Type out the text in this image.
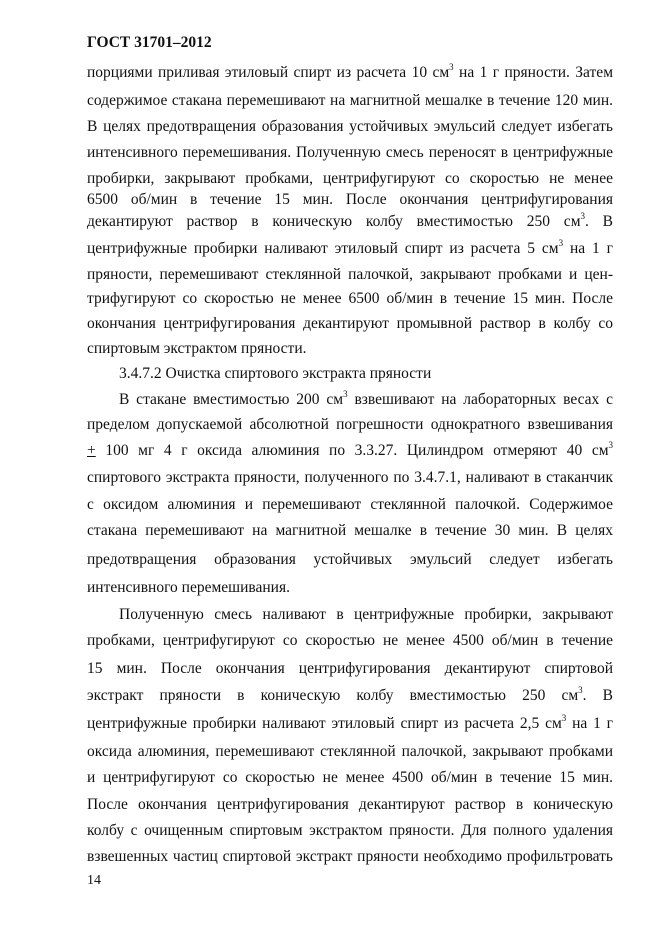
ГОСТ 31701–2012
порциями приливая этиловый спирт из расчета 10 $см^3$ на 1 г пряности. Затем
содержимое стакана перемешивают на магнитной мешалке в течение 120 мин.
В целях предотвращения образования устойчивых эмульсий следует избегать
интенсивного перемешивания. Полученную смесь переносят в центрифужные
пробирки, закрывают пробками, центрифугируют со скоростью не менее
6500 об/мин в течение 15 мин. После окончания центрифугирования
декантируют раствор в коническую колбу вместимостью 250 $см^3$. В
центрифужные пробирки наливают этиловый спирт из расчета 5 $см^3$ на 1 г
пряности, перемешивают стеклянной палочкой, закрывают пробками и цен-
трифугируют со скоростью не менее 6500 об/мин в течение 15 мин. После
окончания центрифугирования декантируют промывной раствор в колбу со
спиртовым экстрактом пряности.
3.4.7.2 Очистка спиртового экстракта пряности
В стакане вместимостью 200 $см^3$ взвешивают на лабораторных весах с
пределом допускаемой абсолютной погрешности однократного взвешивания
+ 100 мг 4 г оксида алюминия по 3.3.27. Цилиндром отмеряют 40 $см^3$
спиртового экстракта пряности, полученного по 3.4.7.1, наливают в стаканчик
с оксидом алюминия и перемешивают стеклянной палочкой. Содержимое
стакана перемешивают на магнитной мешалке в течение 30 мин. В целях
предотвращения образования устойчивых эмульсий следует избегать
интенсивного перемешивания.
Полученную смесь наливают в центрифужные пробирки, закрывают
пробками, центрифугируют со скоростью не менее 4500 об/мин в течение
15 мин. После окончания центрифугирования декантируют спиртовой
экстракт пряности в коническую колбу вместимостью 250 $см^3$. В
центрифужные пробирки наливают этиловый спирт из расчета 2,5 $см^3$ на 1 г
оксида алюминия, перемешивают стеклянной палочкой, закрывают пробками
и центрифугируют со скоростью не менее 4500 об/мин в течение 15 мин.
После окончания центрифугирования декантируют раствор в коническую
колбу с очищенным спиртовым экстрактом пряности. Для полного удаления
взвешенных частиц спиртовой экстракт пряности необходимо профильтровать
14
